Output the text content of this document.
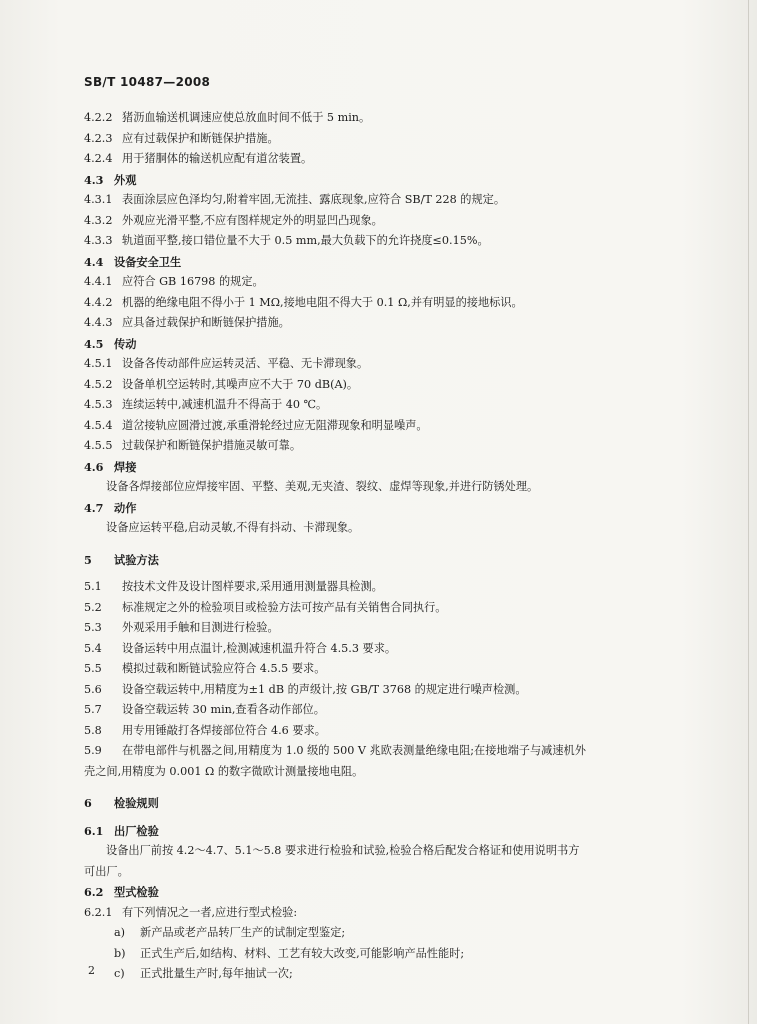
SB/T 10487—2008
4.2.2 猪沥血输送机调速应使总放血时间不低于 5 min。
4.2.3 应有过载保护和断链保护措施。
4.2.4 用于猪胴体的输送机应配有道岔装置。
4.3 外观
4.3.1 表面涂层应色泽均匀,附着牢固,无流挂、露底现象,应符合 SB/T 228 的规定。
4.3.2 外观应光滑平整,不应有图样规定外的明显凹凸现象。
4.3.3 轨道面平整,接口错位量不大于 0.5 mm,最大负载下的允许挠度≤0.15%。
4.4 设备安全卫生
4.4.1 应符合 GB 16798 的规定。
4.4.2 机器的绝缘电阻不得小于 1 MΩ,接地电阻不得大于 0.1 Ω,并有明显的接地标识。
4.4.3 应具备过载保护和断链保护措施。
4.5 传动
4.5.1 设备各传动部件应运转灵活、平稳、无卡滞现象。
4.5.2 设备单机空运转时,其噪声应不大于 70 dB(A)。
4.5.3 连续运转中,减速机温升不得高于 40 ℃。
4.5.4 道岔接轨应圆滑过渡,承重滑轮经过应无阻滞现象和明显噪声。
4.5.5 过载保护和断链保护措施灵敏可靠。
4.6 焊接
设备各焊接部位应焊接牢固、平整、美观,无夹渣、裂纹、虚焊等现象,并进行防锈处理。
4.7 动作
设备应运转平稳,启动灵敏,不得有抖动、卡滞现象。
5 试验方法
5.1 按技术文件及设计图样要求,采用通用测量器具检测。
5.2 标准规定之外的检验项目或检验方法可按产品有关销售合同执行。
5.3 外观采用手触和目测进行检验。
5.4 设备运转中用点温计,检测减速机温升符合 4.5.3 要求。
5.5 模拟过载和断链试验应符合 4.5.5 要求。
5.6 设备空载运转中,用精度为±1 dB 的声级计,按 GB/T 3768 的规定进行噪声检测。
5.7 设备空载运转 30 min,查看各动作部位。
5.8 用专用锤敲打各焊接部位符合 4.6 要求。
5.9 在带电部件与机器之间,用精度为 1.0 级的 500 V 兆欧表测量绝缘电阻;在接地端子与减速机外
壳之间,用精度为 0.001 Ω 的数字微欧计测量接地电阻。
6 检验规则
6.1 出厂检验
设备出厂前按 4.2～4.7、5.1～5.8 要求进行检验和试验,检验合格后配发合格证和使用说明书方
可出厂。
6.2 型式检验
6.2.1 有下列情况之一者,应进行型式检验:
a) 新产品或老产品转厂生产的试制定型鉴定;
b) 正式生产后,如结构、材料、工艺有较大改变,可能影响产品性能时;
c) 正式批量生产时,每年抽试一次;
2
